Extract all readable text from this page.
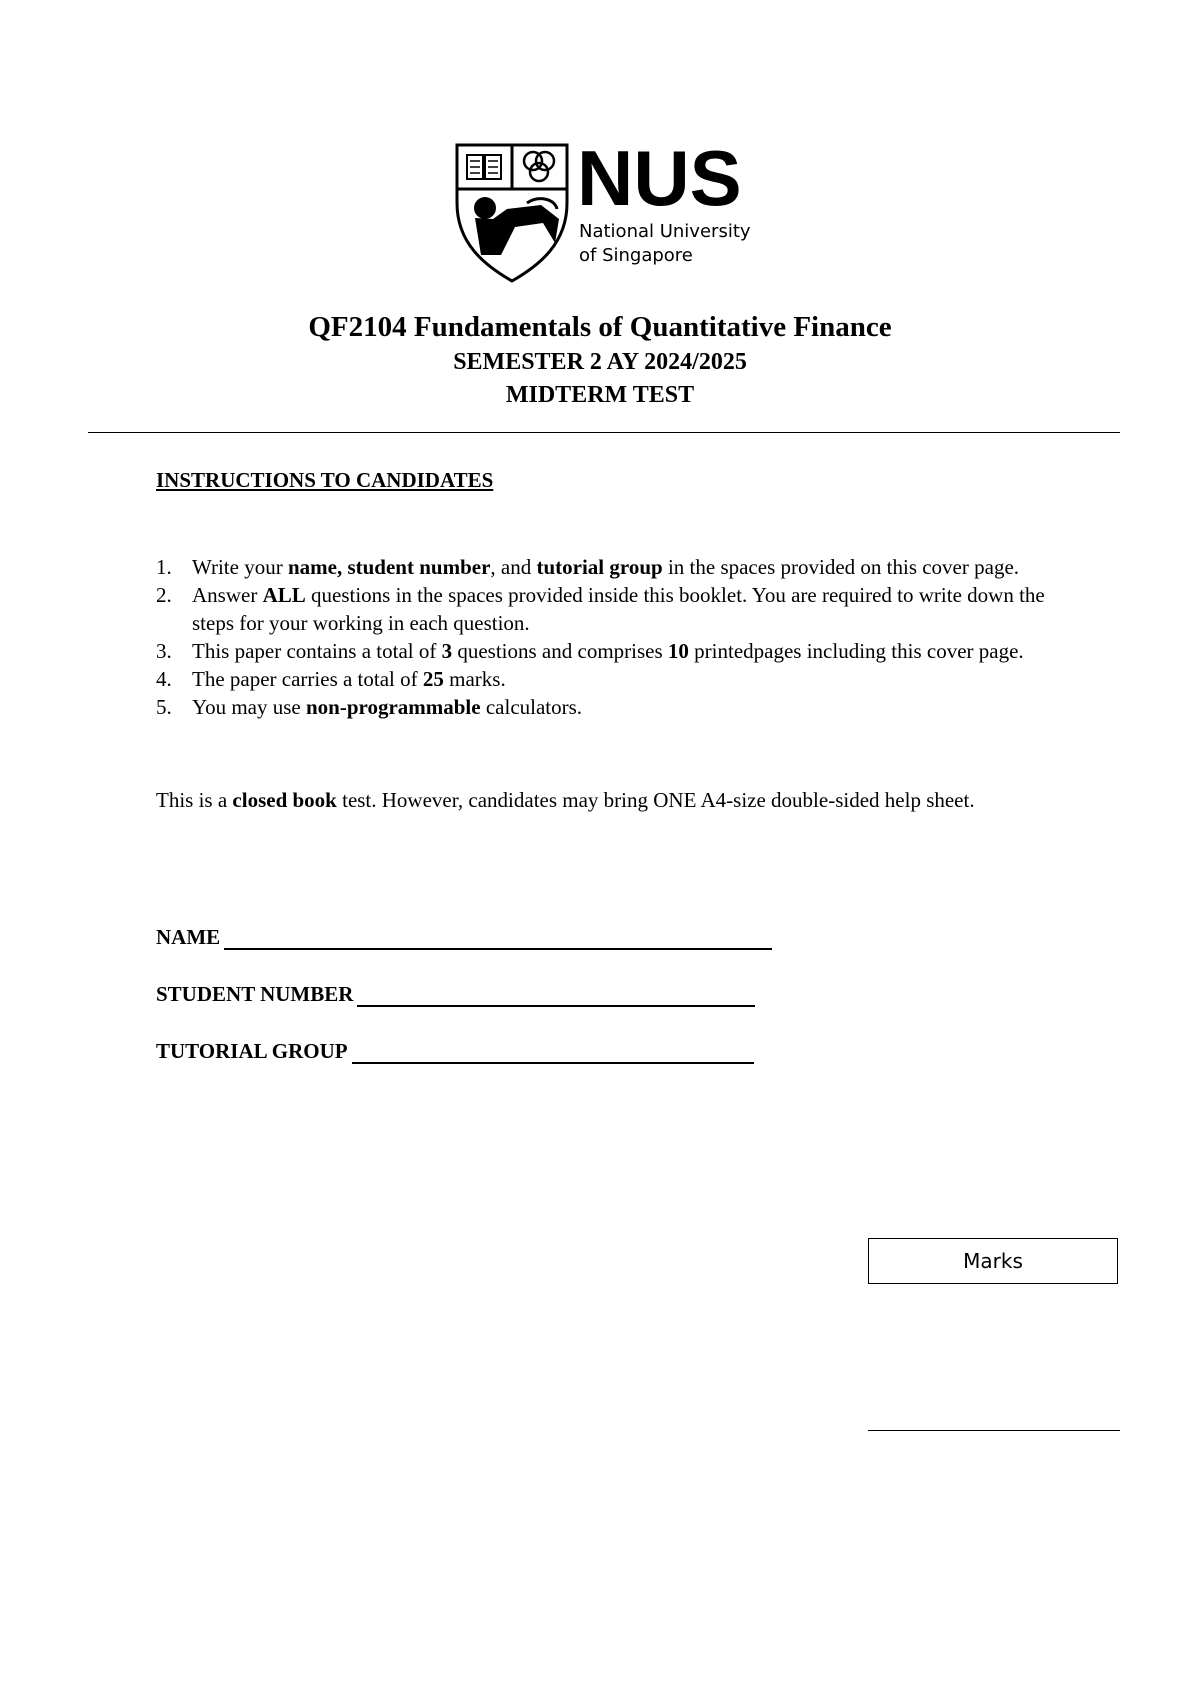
NUS
National University
of Singapore
QF2104 Fundamentals of Quantitative Finance
SEMESTER 2 AY 2024/2025
MIDTERM TEST
INSTRUCTIONS TO CANDIDATES
1. Write your name, student number, and tutorial group in the spaces provided on this cover page.
2. Answer ALL questions in the spaces provided inside this booklet. You are required to write down the steps for your working in each question.
3. This paper contains a total of 3 questions and comprises 10 printedpages including this cover page.
4. The paper carries a total of 25 marks.
5. You may use non-programmable calculators.
This is a closed book test. However, candidates may bring ONE A4-size double-sided help sheet.
NAME
STUDENT NUMBER
TUTORIAL GROUP
Marks
